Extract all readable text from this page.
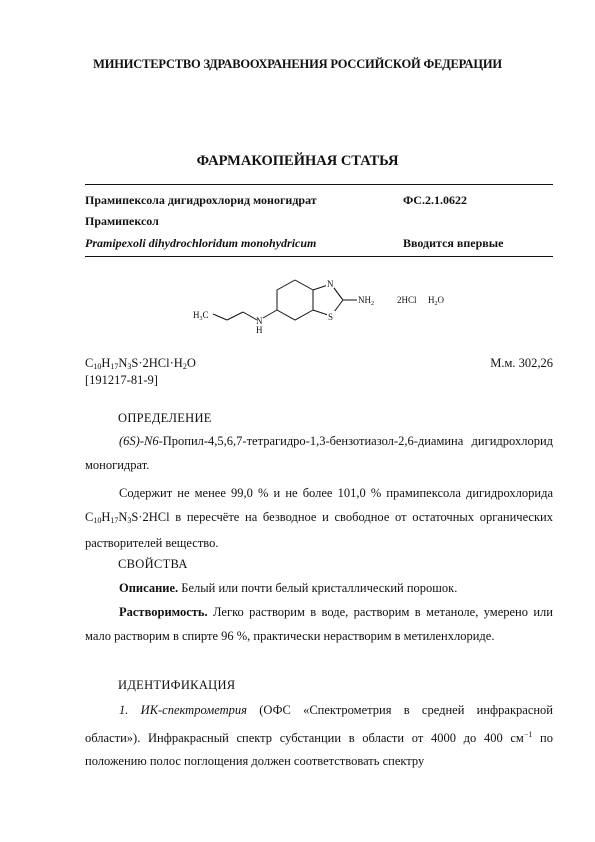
МИНИСТЕРСТВО ЗДРАВООХРАНЕНИЯ РОССИЙСКОЙ ФЕДЕРАЦИИ
ФАРМАКОПЕЙНАЯ СТАТЬЯ
Прамипексола дигидрохлорид моногидрат	ФС.2.1.0622
Прамипексол
Pramipexoli dihydrochloridum monohydricum	Вводится впервые
N
S
$NH_2$
$H_3C$
N
H
2HCl $H_2O$
$C_{10}H_{17}N_3S\cdot 2HCl\cdot H_2O$	М.м. 302,26
[191217-81-9]
ОПРЕДЕЛЕНИЕ
(6S)-N6-Пропил-4,5,6,7-тетрагидро-1,3-бензотиазол-2,6-диамина дигидрохлорид моногидрат.
Содержит не менее 99,0 % и не более 101,0 % прамипексола дигидрохлорида $C_{10}H_{17}N_3S\cdot 2HCl$ в пересчёте на безводное и свободное от остаточных органических растворителей вещество.
СВОЙСТВА
Описание. Белый или почти белый кристаллический порошок.
Растворимость. Легко растворим в воде, растворим в метаноле, умерено или мало растворим в спирте 96 %, практически нерастворим в метиленхлориде.
ИДЕНТИФИКАЦИЯ
1. ИК-спектрометрия (ОФС «Спектрометрия в средней инфракрасной области»). Инфракрасный спектр субстанции в области от 4000 до 400 $см^{-1}$ по положению полос поглощения должен соответствовать спектру
